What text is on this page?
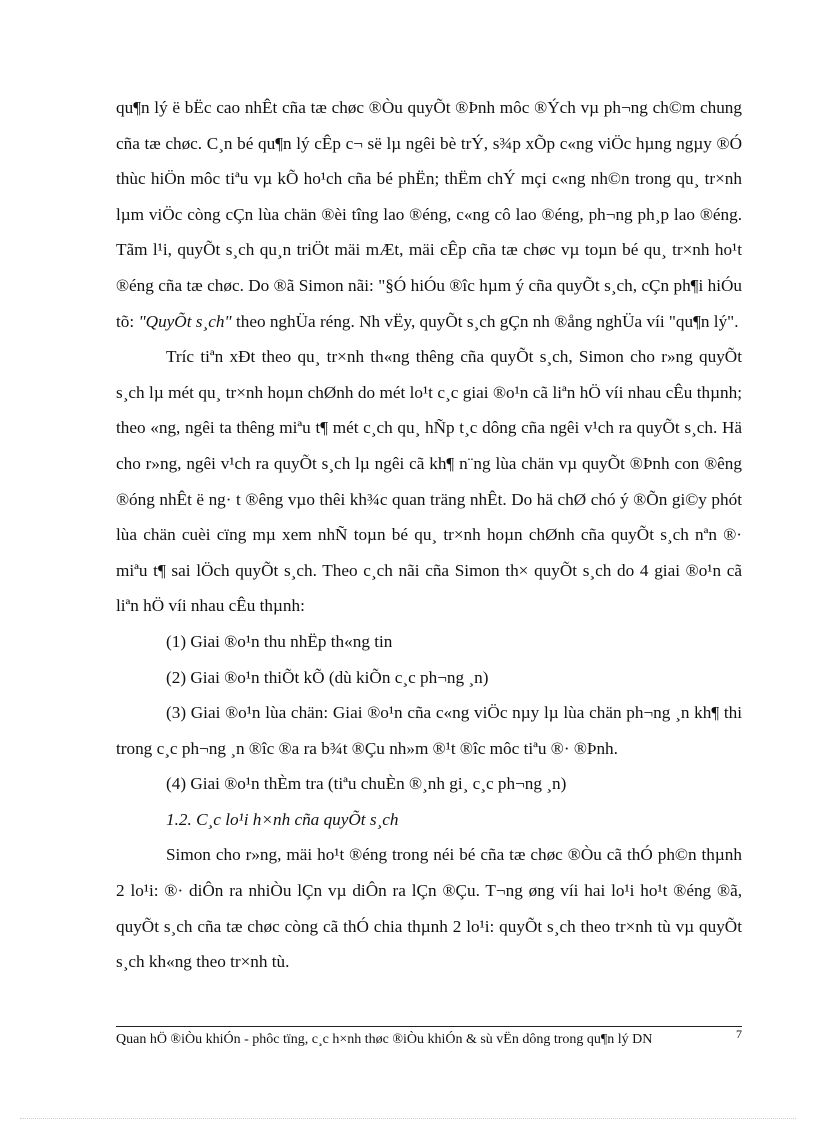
qu¶n lý ë bËc cao nhÊt cña tæ chøc ®Òu quyÕt ®Þnh môc ®Ých vµ ph¬ng ch©m chung cña tæ chøc. C¸n bé qu¶n lý cÊp c¬ së lµ ngêi bè trÝ, s¾p xÕp c«ng viÖc hµng ngµy ®Ó thùc hiÖn môc tiªu vµ kÕ ho¹ch cña bé phËn; thËm chÝ mçi c«ng nh©n trong qu¸ tr×nh lµm viÖc còng cÇn lùa chän ®èi tîng lao ®éng, c«ng cô lao ®éng, ph¬ng ph¸p lao ®éng. Tãm l¹i, quyÕt s¸ch qu¸n triÖt mäi mÆt, mäi cÊp cña tæ chøc vµ toµn bé qu¸ tr×nh ho¹t ®éng cña tæ chøc. Do ®ã Simon nãi: "§Ó hiÓu ®îc hµm ý cña quyÕt s¸ch, cÇn ph¶i hiÓu tõ: "QuyÕt s¸ch" theo nghÜa réng. Nh vËy, quyÕt s¸ch gÇn nh ®ång nghÜa víi "qu¶n lý".

Tríc tiªn xÐt theo qu¸ tr×nh th«ng thêng cña quyÕt s¸ch, Simon cho r»ng quyÕt s¸ch lµ mét qu¸ tr×nh hoµn chØnh do mét lo¹t c¸c giai ®o¹n cã liªn hÖ víi nhau cÊu thµnh; theo «ng, ngêi ta thêng miªu t¶ mét c¸ch qu¸ hÑp t¸c dông cña ngêi v¹ch ra quyÕt s¸ch. Hä cho r»ng, ngêi v¹ch ra quyÕt s¸ch lµ ngêi cã kh¶ n¨ng lùa chän vµ quyÕt ®Þnh con ®êng ®óng nhÊt ë ng· t ®êng vµo thêi kh¾c quan träng nhÊt. Do hä chØ chó ý ®Õn gi©y phót lùa chän cuèi cïng mµ xem nhÑ toµn bé qu¸ tr×nh hoµn chØnh cña quyÕt s¸ch nªn ®· miªu t¶ sai lÖch quyÕt s¸ch. Theo c¸ch nãi cña Simon th× quyÕt s¸ch do 4 giai ®o¹n cã liªn hÖ víi nhau cÊu thµnh:

(1) Giai ®o¹n thu nhËp th«ng tin

(2) Giai ®o¹n thiÕt kÕ (dù kiÕn c¸c ph¬ng ¸n)

(3) Giai ®o¹n lùa chän: Giai ®o¹n cña c«ng viÖc nµy lµ lùa chän ph¬ng ¸n kh¶ thi trong c¸c ph¬ng ¸n ®îc ®a ra b¾t ®Çu nh»m ®¹t ®îc môc tiªu ®· ®Þnh.

(4) Giai ®o¹n thÈm tra (tiªu chuÈn ®¸nh gi¸ c¸c ph¬ng ¸n)

1.2. C¸c lo¹i h×nh cña quyÕt s¸ch

Simon cho r»ng, mäi ho¹t ®éng trong néi bé cña tæ chøc ®Òu cã thÓ ph©n thµnh 2 lo¹i: ®· diÔn ra nhiÒu lÇn vµ diÔn ra lÇn ®Çu. T¬ng øng víi hai lo¹i ho¹t ®éng ®ã, quyÕt s¸ch cña tæ chøc còng cã thÓ chia thµnh 2 lo¹i: quyÕt s¸ch theo tr×nh tù vµ quyÕt s¸ch kh«ng theo tr×nh tù.

Quan hÖ ®iÒu khiÓn - phôc tïng, c¸c h×nh thøc ®iÒu khiÓn & sù vËn dông trong qu¶n lý DN	7
